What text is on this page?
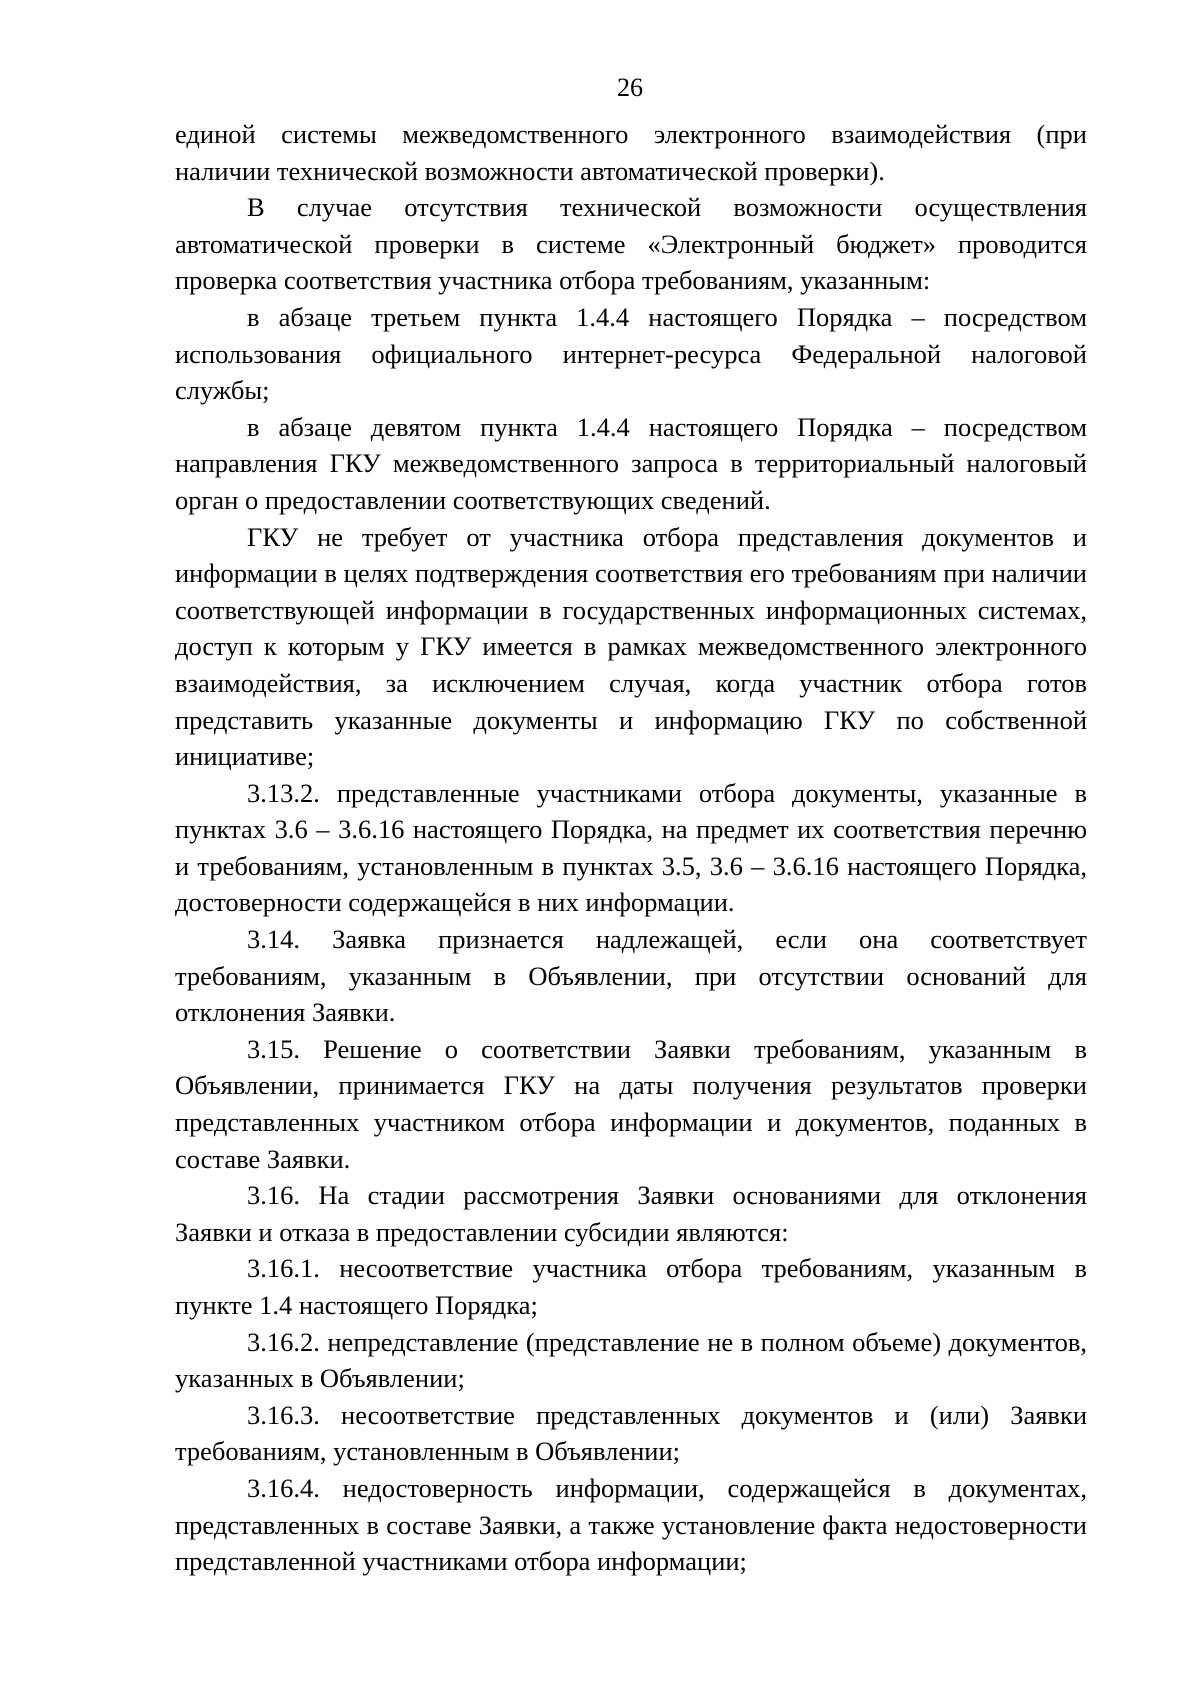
26

единой системы межведомственного электронного взаимодействия (при наличии технической возможности автоматической проверки).

В случае отсутствия технической возможности осуществления автоматической проверки в системе «Электронный бюджет» проводится проверка соответствия участника отбора требованиям, указанным:

в абзаце третьем пункта 1.4.4 настоящего Порядка – посредством использования официального интернет-ресурса Федеральной налоговой службы;

в абзаце девятом пункта 1.4.4 настоящего Порядка – посредством направления ГКУ межведомственного запроса в территориальный налоговый орган о предоставлении соответствующих сведений.

ГКУ не требует от участника отбора представления документов и информации в целях подтверждения соответствия его требованиям при наличии соответствующей информации в государственных информационных системах, доступ к которым у ГКУ имеется в рамках межведомственного электронного взаимодействия, за исключением случая, когда участник отбора готов представить указанные документы и информацию ГКУ по собственной инициативе;

3.13.2. представленные участниками отбора документы, указанные в пунктах 3.6 – 3.6.16 настоящего Порядка, на предмет их соответствия перечню и требованиям, установленным в пунктах 3.5, 3.6 – 3.6.16 настоящего Порядка, достоверности содержащейся в них информации.

3.14. Заявка признается надлежащей, если она соответствует требованиям, указанным в Объявлении, при отсутствии оснований для отклонения Заявки.

3.15. Решение о соответствии Заявки требованиям, указанным в Объявлении, принимается ГКУ на даты получения результатов проверки представленных участником отбора информации и документов, поданных в составе Заявки.

3.16. На стадии рассмотрения Заявки основаниями для отклонения Заявки и отказа в предоставлении субсидии являются:

3.16.1. несоответствие участника отбора требованиям, указанным в пункте 1.4 настоящего Порядка;

3.16.2. непредставление (представление не в полном объеме) документов, указанных в Объявлении;

3.16.3. несоответствие представленных документов и (или) Заявки требованиям, установленным в Объявлении;

3.16.4. недостоверность информации, содержащейся в документах, представленных в составе Заявки, а также установление факта недостоверности представленной участниками отбора информации;
